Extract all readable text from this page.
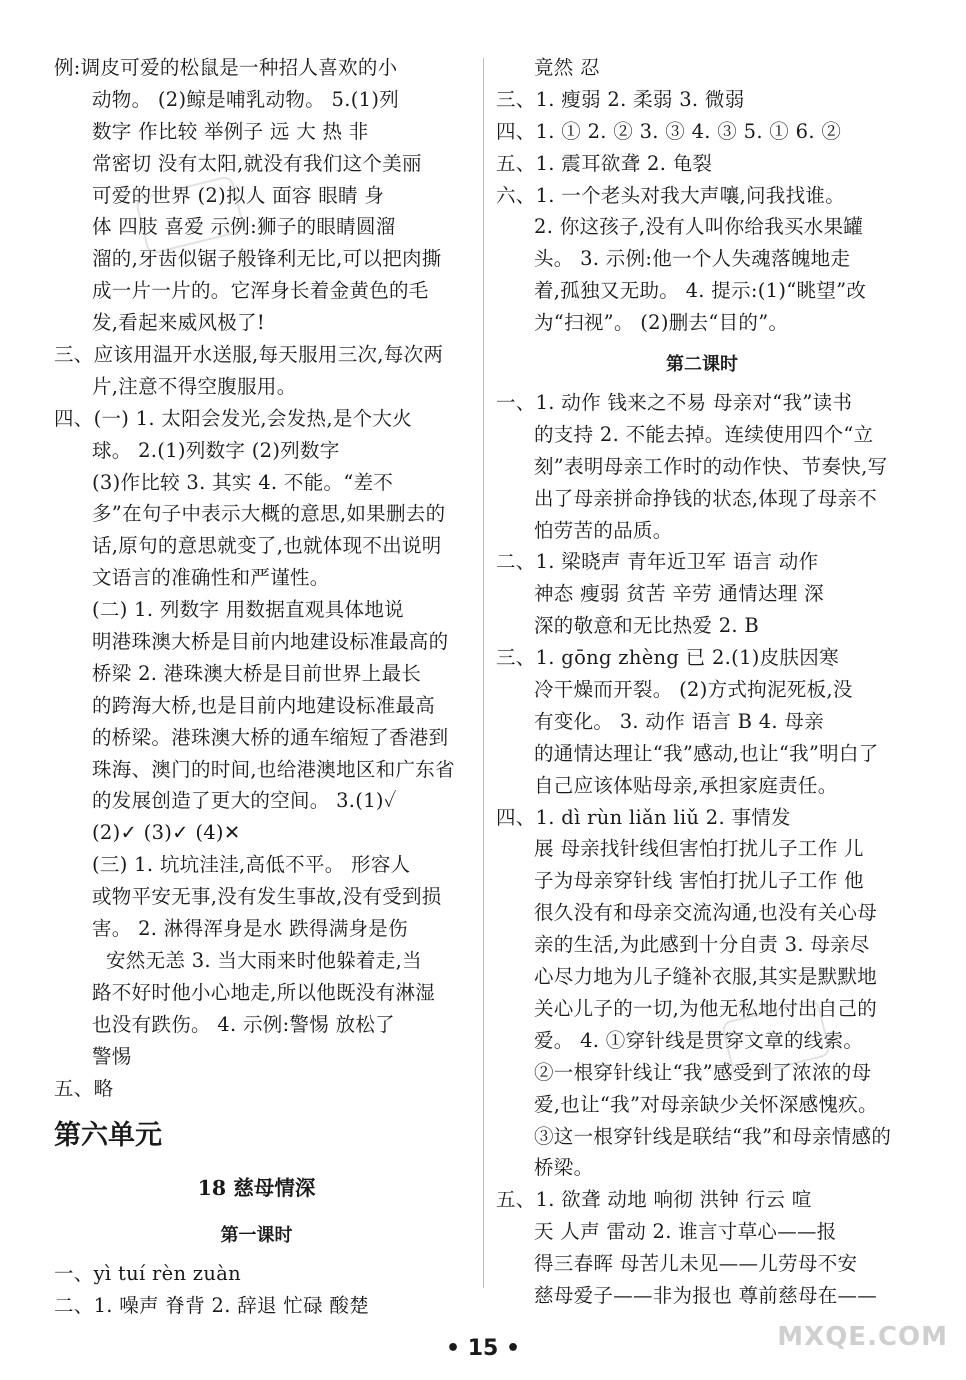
例:调皮可爱的松鼠是一种招人喜欢的小
动物。 (2)鲸是哺乳动物。 5.(1)列
数字 作比较 举例子 远 大 热 非
常密切 没有太阳,就没有我们这个美丽
可爱的世界 (2)拟人 面容 眼睛 身
体 四肢 喜爱 示例:狮子的眼睛圆溜
溜的,牙齿似锯子般锋利无比,可以把肉撕
成一片一片的。它浑身长着金黄色的毛
发,看起来威风极了!
三、应该用温开水送服,每天服用三次,每次两
片,注意不得空腹服用。
四、(一) 1. 太阳会发光,会发热,是个大火
球。 2.(1)列数字 (2)列数字
(3)作比较 3. 其实 4. 不能。“差不
多”在句子中表示大概的意思,如果删去的
话,原句的意思就变了,也就体现不出说明
文语言的准确性和严谨性。
(二) 1. 列数字 用数据直观具体地说
明港珠澳大桥是目前内地建设标准最高的
桥梁 2. 港珠澳大桥是目前世界上最长
的跨海大桥,也是目前内地建设标准最高
的桥梁。港珠澳大桥的通车缩短了香港到
珠海、澳门的时间,也给港澳地区和广东省
的发展创造了更大的空间。 3.(1)✓
(2)✓ (3)✓ (4)✕
(三) 1. 坑坑洼洼,高低不平。 形容人
或物平安无事,没有发生事故,没有受到损
害。 2. 淋得浑身是水 跌得满身是伤
安然无恙 3. 当大雨来时他躲着走,当
路不好时他小心地走,所以他既没有淋湿
也没有跌伤。 4. 示例:警惕 放松了
警惕
五、略
第六单元
18 慈母情深
第一课时
一、yì tuí rèn zuàn
二、1. 噪声 脊背 2. 辞退 忙碌 酸楚
竟然 忍
三、1. 瘦弱 2. 柔弱 3. 微弱
四、1. ① 2. ② 3. ③ 4. ③ 5. ① 6. ②
五、1. 震耳欲聋 2. 龟裂
六、1. 一个老头对我大声嚷,问我找谁。
2. 你这孩子,没有人叫你给我买水果罐
头。 3. 示例:他一个人失魂落魄地走
着,孤独又无助。 4. 提示:(1)“眺望”改
为“扫视”。 (2)删去“目的”。
第二课时
一、1. 动作 钱来之不易 母亲对“我”读书
的支持 2. 不能去掉。连续使用四个“立
刻”表明母亲工作时的动作快、节奏快,写
出了母亲拼命挣钱的状态,体现了母亲不
怕劳苦的品质。
二、1. 梁晓声 青年近卫军 语言 动作
神态 瘦弱 贫苦 辛劳 通情达理 深
深的敬意和无比热爱 2. B
三、1. gōng zhèng 已 2.(1)皮肤因寒
冷干燥而开裂。 (2)方式拘泥死板,没
有变化。 3. 动作 语言 B 4. 母亲
的通情达理让“我”感动,也让“我”明白了
自己应该体贴母亲,承担家庭责任。
四、1. dì rùn liǎn liǔ 2. 事情发
展 母亲找针线但害怕打扰儿子工作 儿
子为母亲穿针线 害怕打扰儿子工作 他
很久没有和母亲交流沟通,也没有关心母
亲的生活,为此感到十分自责 3. 母亲尽
心尽力地为儿子缝补衣服,其实是默默地
关心儿子的一切,为他无私地付出自己的
爱。 4. ①穿针线是贯穿文章的线索。
②一根穿针线让“我”感受到了浓浓的母
爱,也让“我”对母亲缺少关怀深感愧疚。
③这一根穿针线是联结“我”和母亲情感的
桥梁。
五、1. 欲聋 动地 响彻 洪钟 行云 喧
天 人声 雷动 2. 谁言寸草心——报
得三春晖 母苦儿未见——儿劳母不安
慈母爱子——非为报也 尊前慈母在——
• 15 •	MXQE.COM
